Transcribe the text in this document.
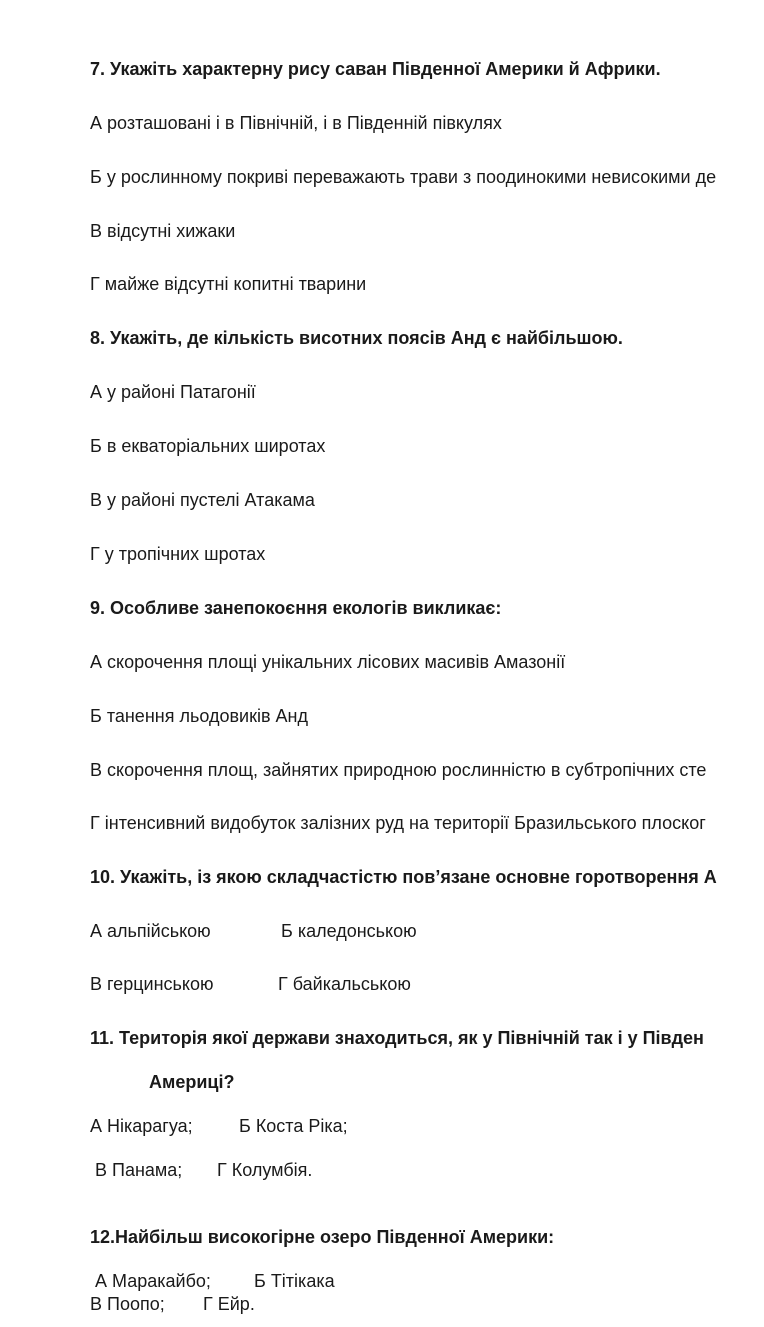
7. Укажіть характерну рису саван Південної Америки й Африки.
А розташовані і в Північній, і в Південній півкулях
Б у рослинному покриві переважають трави з поодинокими невисокими де
В відсутні хижаки
Г майже відсутні копитні тварини
8. Укажіть, де кількість висотних поясів Анд є найбільшою.
А у районі Патагонії
Б в екваторіальних широтах
В у районі пустелі Атакама
Г у тропічних шротах
9. Особливе занепокоєння екологів викликає:
А скорочення площі унікальних лісових масивів Амазонії
Б танення льодовиків Анд
В скорочення площ, зайнятих природною рослинністю в субтропічних сте
Г інтенсивний видобуток залізних руд на території Бразильського плоског
10. Укажіть, із якою складчастістю пов’язане основне горотворення А
А альпійською	Б каледонською
В герцинською	Г байкальською
11. Територія якої держави знаходиться, як у Північній так і у Півден
Америці?
А Нікарагуа;	Б Коста Ріка;
В Панама; Г Колумбія.
12.Найбільш високогірне озеро Південної Америки:
А Маракайбо; Б Тітікака
В Поопо; Г Ейр.
